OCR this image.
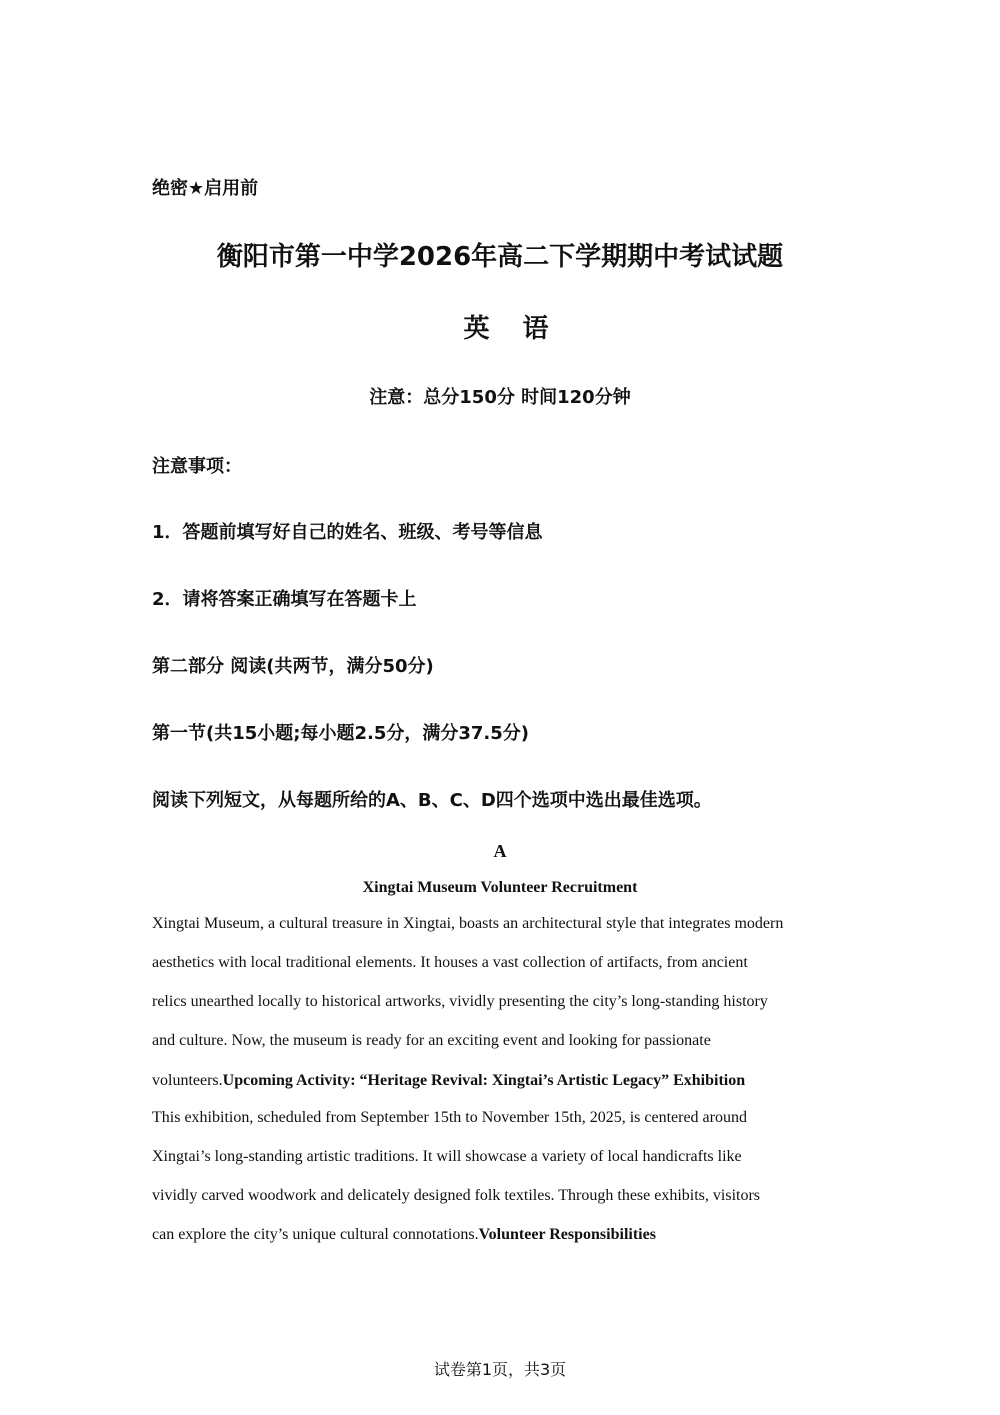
绝密★启用前
衡阳市第一中学2026年高二下学期期中考试试题
英 语
注意：总分150分 时间120分钟
注意事项：
1．答题前填写好自己的姓名、班级、考号等信息
2．请将答案正确填写在答题卡上
第二部分 阅读(共两节，满分50分)
第一节(共15小题;每小题2.5分，满分37.5分)
阅读下列短文，从每题所给的A、B、C、D四个选项中选出最佳选项。
A
Xingtai Museum Volunteer Recruitment
Xingtai Museum, a cultural treasure in Xingtai, boasts an architectural style that integrates modern
aesthetics with local traditional elements. It houses a vast collection of artifacts, from ancient
relics unearthed locally to historical artworks, vividly presenting the city’s long-standing history
and culture. Now, the museum is ready for an exciting event and looking for passionate
volunteers.Upcoming Activity: “Heritage Revival: Xingtai’s Artistic Legacy” Exhibition
This exhibition, scheduled from September 15th to November 15th, 2025, is centered around
Xingtai’s long-standing artistic traditions. It will showcase a variety of local handicrafts like
vividly carved woodwork and delicately designed folk textiles. Through these exhibits, visitors
can explore the city’s unique cultural connotations.Volunteer Responsibilities
试卷第1页，共3页
